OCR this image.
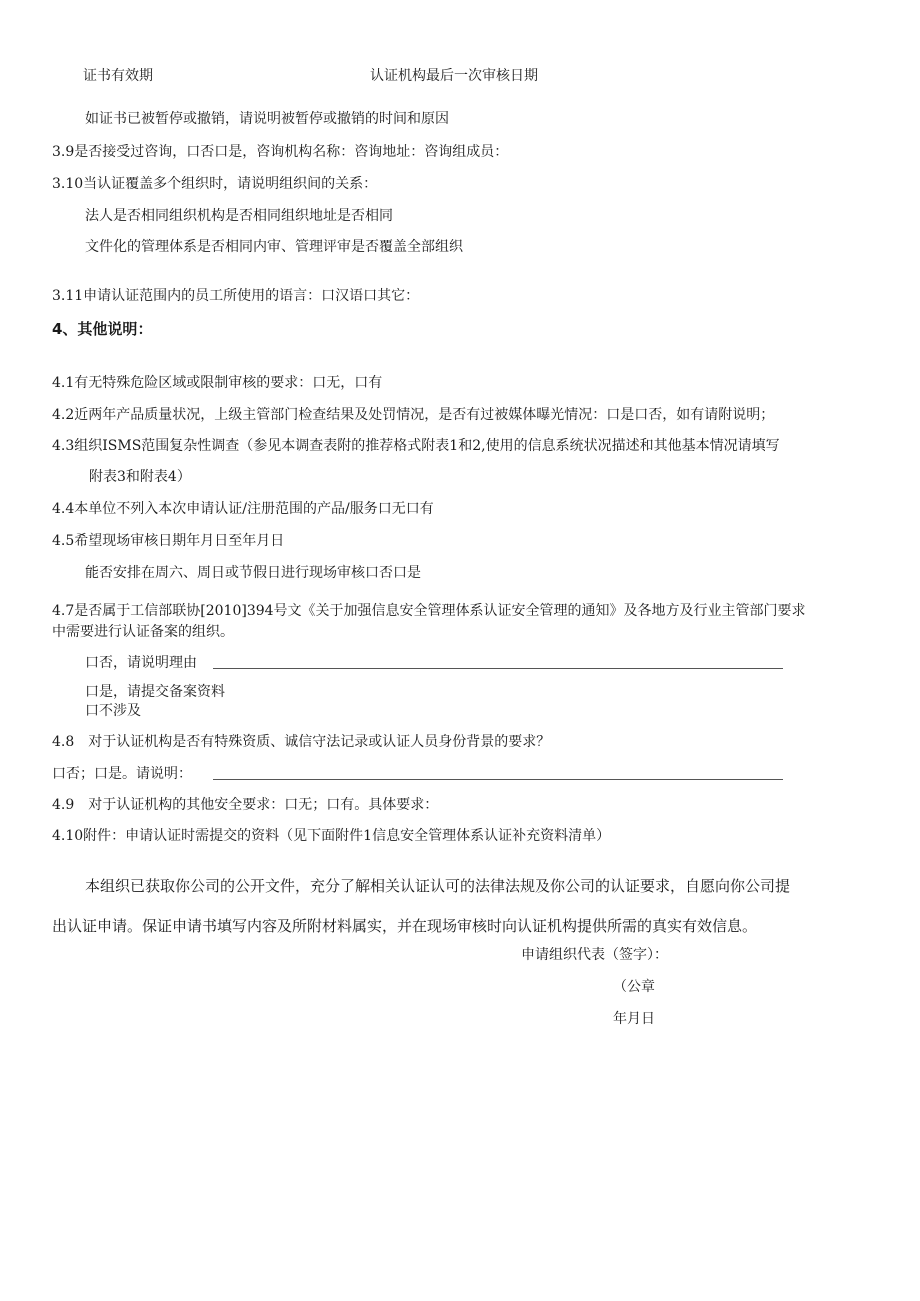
证书有效期	认证机构最后一次审核日期
如证书已被暂停或撤销，请说明被暂停或撤销的时间和原因
3.9是否接受过咨询，口否口是，咨询机构名称：咨询地址：咨询组成员：
3.10当认证覆盖多个组织时，请说明组织间的关系：
法人是否相同组织机构是否相同组织地址是否相同
文件化的管理体系是否相同内审、管理评审是否覆盖全部组织
3.11申请认证范围内的员工所使用的语言：口汉语口其它：
4、其他说明：
4.1有无特殊危险区域或限制审核的要求：口无，口有
4.2近两年产品质量状况，上级主管部门检查结果及处罚情况，是否有过被媒体曝光情况：口是口否，如有请附说明；
4.3组织ISMS范围复杂性调查（参见本调查表附的推荐格式附表1和2,使用的信息系统状况描述和其他基本情况请填写
附表3和附表4）
4.4本单位不列入本次申请认证/注册范围的产品/服务口无口有
4.5希望现场审核日期年月日至年月日
能否安排在周六、周日或节假日进行现场审核口否口是
4.7是否属于工信部联协[2010]394号文《关于加强信息安全管理体系认证安全管理的通知》及各地方及行业主管部门要求
中需要进行认证备案的组织。
口否，请说明理由
口是，请提交备案资料
口不涉及
4.8　对于认证机构是否有特殊资质、诚信守法记录或认证人员身份背景的要求？
口否；口是。请说明：
4.9　对于认证机构的其他安全要求：口无；口有。具体要求：
4.10附件：申请认证时需提交的资料（见下面附件1信息安全管理体系认证补充资料清单）
本组织已获取你公司的公开文件，充分了解相关认证认可的法律法规及你公司的认证要求，自愿向你公司提
出认证申请。保证申请书填写内容及所附材料属实，并在现场审核时向认证机构提供所需的真实有效信息。
申请组织代表（签字）：
（公章
年月日
